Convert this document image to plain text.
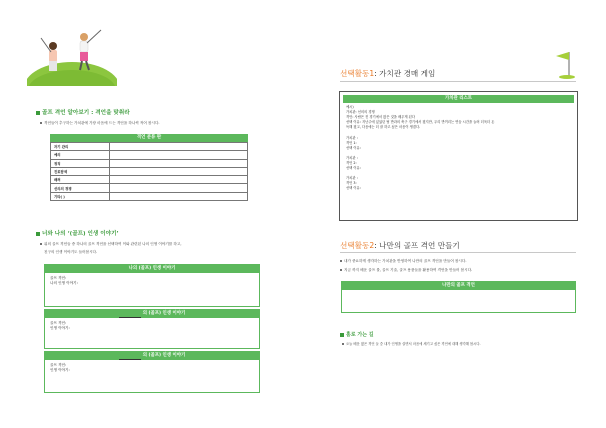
골프 격언 알아보기 : 격언을 맞춰라
격언들이 추구하는 가치관에 가장 마음에 드는 격언을 하나씩 적어 봅시다.
격언 분류 판
자기 관리	
예의	
정직	
진로탐색	
배려	
선의의 경쟁	
기타( )	
너와 나의 ‘(골프) 인생 이야기’
위의 골프 격언들 중 하나의 골프 격언을 선택하여 이와 관련된 나의 인생 이야기를 하고,
친구의 인생 이야기도 들어봅시다.
나의 (골프) 인생 이야기
골프 격언:
나의 인생 이야기:
의 (골프) 인생 이야기
골프 격언:
인생 이야기:
의 (골프) 인생 이야기
골프 격언:
인생 이야기:
선택활동1: 가치관 경매 게임
가치관 리스트
예시)
가치관: 선의의 경쟁
격언: 사람은 진 경기에서 많은 것을 배우게 된다
선택 이유: 지난주에 있었던 팀 반과의 축구 경기에서 졌지만, 우리 반끼리는 연습 시간을 늘려 더욱더 돈
독해 졌고, 다음에는 더 잘 하고 싶은 마음이 생겼다.
가치관 :
격언 1:
선택 이유:
가치관 :
격언 2:
선택 이유:
가치관 :
격언 3:
선택 이유:
선택활동2: 나만의 골프 격언 만들기
내가 중요하게 생각하는 가치관을 반영하여 나만의 골프 격언을 만들어 봅시다.
지금 까지 배운 골프 룰, 골프 기술, 골프 용품들을 활용하여 격언을 만들어 봅시다.
나만의 골프 격언
홈로 가는 길
오늘 배운 많은 격언 들 중 내가 인생을 살면서 마음에 새기고 싶은 격언에 대해 생각해 봅시다.
